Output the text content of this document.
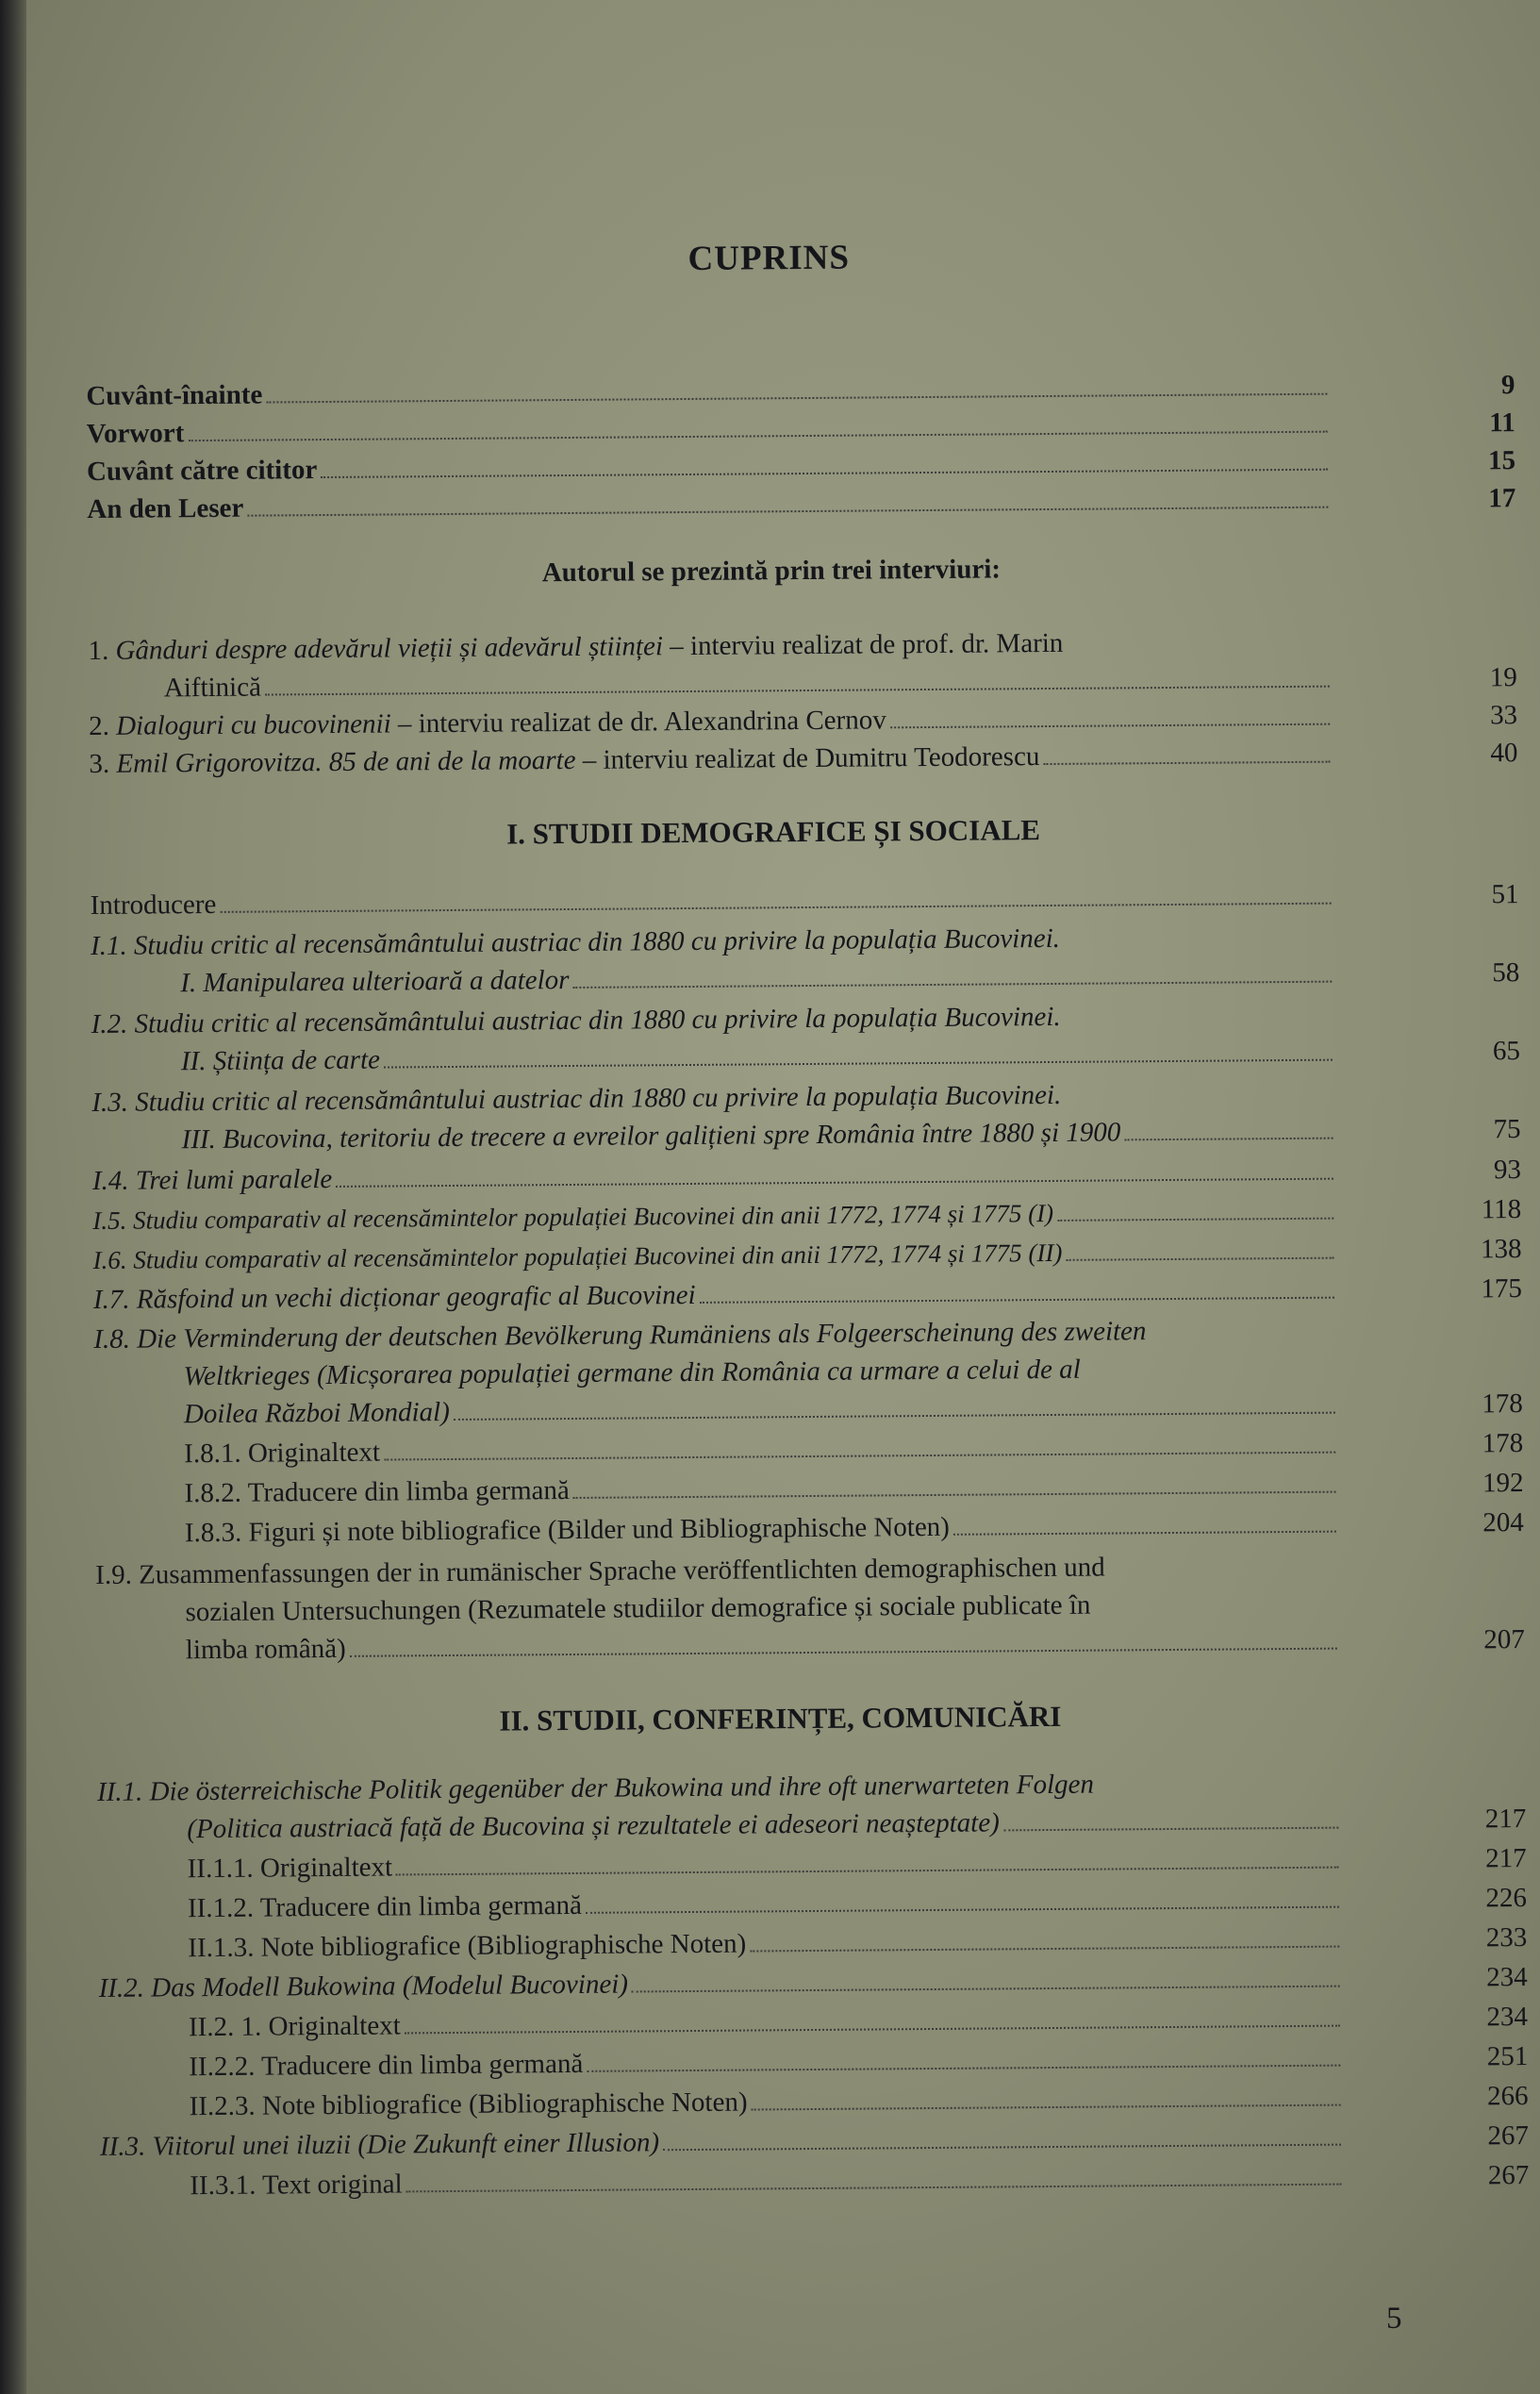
CUPRINS
Cuvânt-înainte	9
Vorwort	11
Cuvânt către cititor	15
An den Leser	17
Autorul se prezintă prin trei interviuri:
1. Gânduri despre adevărul vieții și adevărul științei – interviu realizat de prof. dr. Marin
Aiftinică	19
2. Dialoguri cu bucovinenii – interviu realizat de dr. Alexandrina Cernov	33
3. Emil Grigorovitza. 85 de ani de la moarte – interviu realizat de Dumitru Teodorescu	40
I. STUDII DEMOGRAFICE ȘI SOCIALE
Introducere	51
I.1. Studiu critic al recensământului austriac din 1880 cu privire la populația Bucovinei.
I. Manipularea ulterioară a datelor	58
I.2. Studiu critic al recensământului austriac din 1880 cu privire la populația Bucovinei.
II. Știința de carte	65
I.3. Studiu critic al recensământului austriac din 1880 cu privire la populația Bucovinei.
III. Bucovina, teritoriu de trecere a evreilor galițieni spre România între 1880 și 1900	75
I.4. Trei lumi paralele	93
I.5. Studiu comparativ al recensămintelor populației Bucovinei din anii 1772, 1774 și 1775 (I)	118
I.6. Studiu comparativ al recensămintelor populației Bucovinei din anii 1772, 1774 și 1775 (II)	138
I.7. Răsfoind un vechi dicționar geografic al Bucovinei	175
I.8. Die Verminderung der deutschen Bevölkerung Rumäniens als Folgeerscheinung des zweiten
Weltkrieges (Micșorarea populației germane din România ca urmare a celui de al
Doilea Război Mondial)	178
I.8.1. Originaltext	178
I.8.2. Traducere din limba germană	192
I.8.3. Figuri și note bibliografice (Bilder und Bibliographische Noten)	204
I.9. Zusammenfassungen der in rumänischer Sprache veröffentlichten demographischen und
sozialen Untersuchungen (Rezumatele studiilor demografice și sociale publicate în
limba română)	207
II. STUDII, CONFERINȚE, COMUNICĂRI
II.1. Die österreichische Politik gegenüber der Bukowina und ihre oft unerwarteten Folgen
(Politica austriacă față de Bucovina și rezultatele ei adeseori neașteptate)	217
II.1.1. Originaltext	217
II.1.2. Traducere din limba germană	226
II.1.3. Note bibliografice (Bibliographische Noten)	233
II.2. Das Modell Bukowina (Modelul Bucovinei)	234
II.2. 1. Originaltext	234
II.2.2. Traducere din limba germană	251
II.2.3. Note bibliografice (Bibliographische Noten)	266
II.3. Viitorul unei iluzii (Die Zukunft einer Illusion)	267
II.3.1. Text original	267
5
